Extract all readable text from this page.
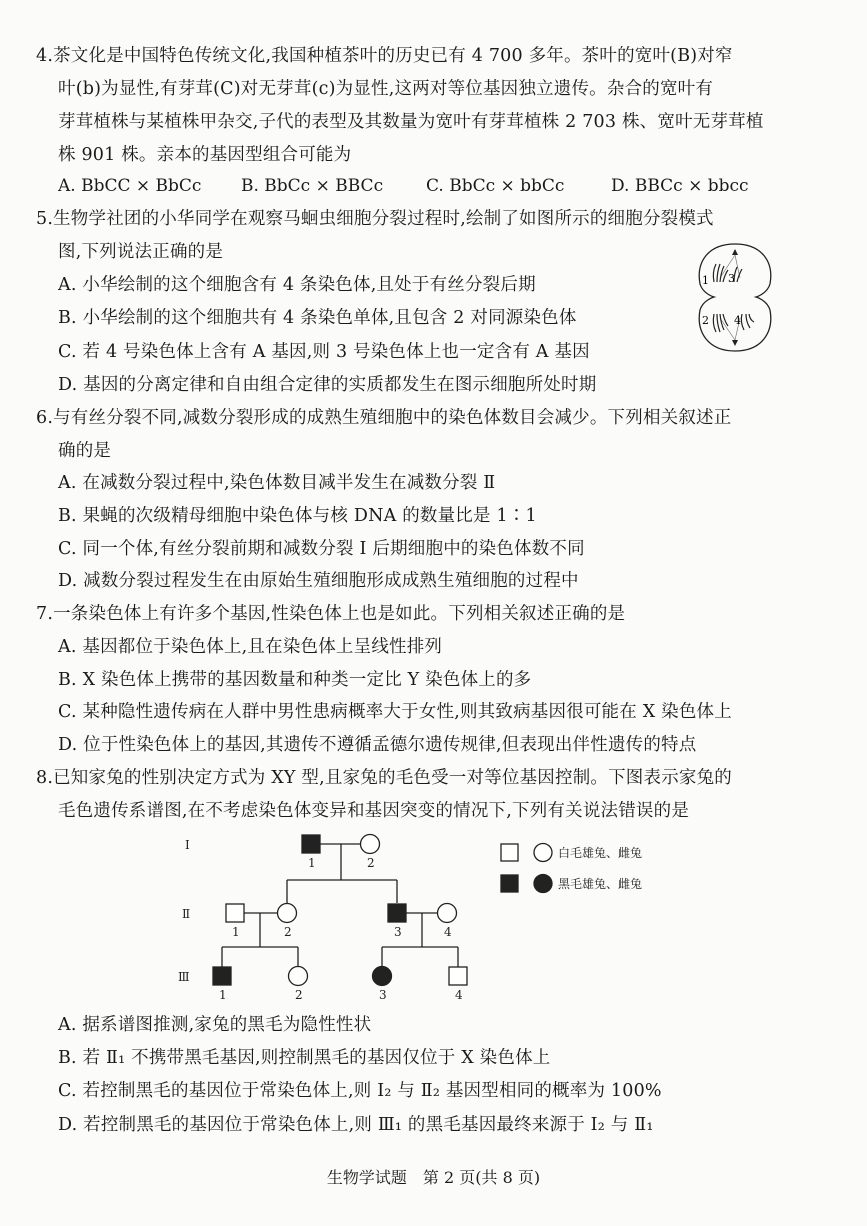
4.茶文化是中国特色传统文化,我国种植茶叶的历史已有 4 700 多年。茶叶的宽叶(B)对窄
叶(b)为显性,有芽茸(C)对无芽茸(c)为显性,这两对等位基因独立遗传。杂合的宽叶有
芽茸植株与某植株甲杂交,子代的表型及其数量为宽叶有芽茸植株 2 703 株、宽叶无芽茸植
株 901 株。亲本的基因型组合可能为
A. BbCC × BbCc B. BbCc × BBCc	C. BbCc × bbCc	D. BBCc × bbcc
5.生物学社团的小华同学在观察马蛔虫细胞分裂过程时,绘制了如图所示的细胞分裂模式
图,下列说法正确的是
A. 小华绘制的这个细胞含有 4 条染色体,且处于有丝分裂后期
B. 小华绘制的这个细胞共有 4 条染色单体,且包含 2 对同源染色体
C. 若 4 号染色体上含有 A 基因,则 3 号染色体上也一定含有 A 基因
D. 基因的分离定律和自由组合定律的实质都发生在图示细胞所处时期
1 3
2 4
6.与有丝分裂不同,减数分裂形成的成熟生殖细胞中的染色体数目会减少。下列相关叙述正
确的是
A. 在减数分裂过程中,染色体数目减半发生在减数分裂 Ⅱ
B. 果蝇的次级精母细胞中染色体与核 DNA 的数量比是 1∶1
C. 同一个体,有丝分裂前期和减数分裂 Ⅰ 后期细胞中的染色体数不同
D. 减数分裂过程发生在由原始生殖细胞形成成熟生殖细胞的过程中
7.一条染色体上有许多个基因,性染色体上也是如此。下列相关叙述正确的是
A. 基因都位于染色体上,且在染色体上呈线性排列
B. X 染色体上携带的基因数量和种类一定比 Y 染色体上的多
C. 某种隐性遗传病在人群中男性患病概率大于女性,则其致病基因很可能在 X 染色体上
D. 位于性染色体上的基因,其遗传不遵循孟德尔遗传规律,但表现出伴性遗传的特点
8.已知家兔的性别决定方式为 XY 型,且家兔的毛色受一对等位基因控制。下图表示家兔的
毛色遗传系谱图,在不考虑染色体变异和基因突变的情况下,下列有关说法错误的是
Ⅰ
Ⅱ
Ⅲ
1	2
1	2	3	4
1	2	3	4
白毛雄兔、雌兔
黑毛雄兔、雌兔
A. 据系谱图推测,家兔的黑毛为隐性性状
B. 若 Ⅱ₁ 不携带黑毛基因,则控制黑毛的基因仅位于 X 染色体上
C. 若控制黑毛的基因位于常染色体上,则 Ⅰ₂ 与 Ⅱ₂ 基因型相同的概率为 100%
D. 若控制黑毛的基因位于常染色体上,则 Ⅲ₁ 的黑毛基因最终来源于 Ⅰ₂ 与 Ⅱ₁
生物学试题　第 2 页(共 8 页)
